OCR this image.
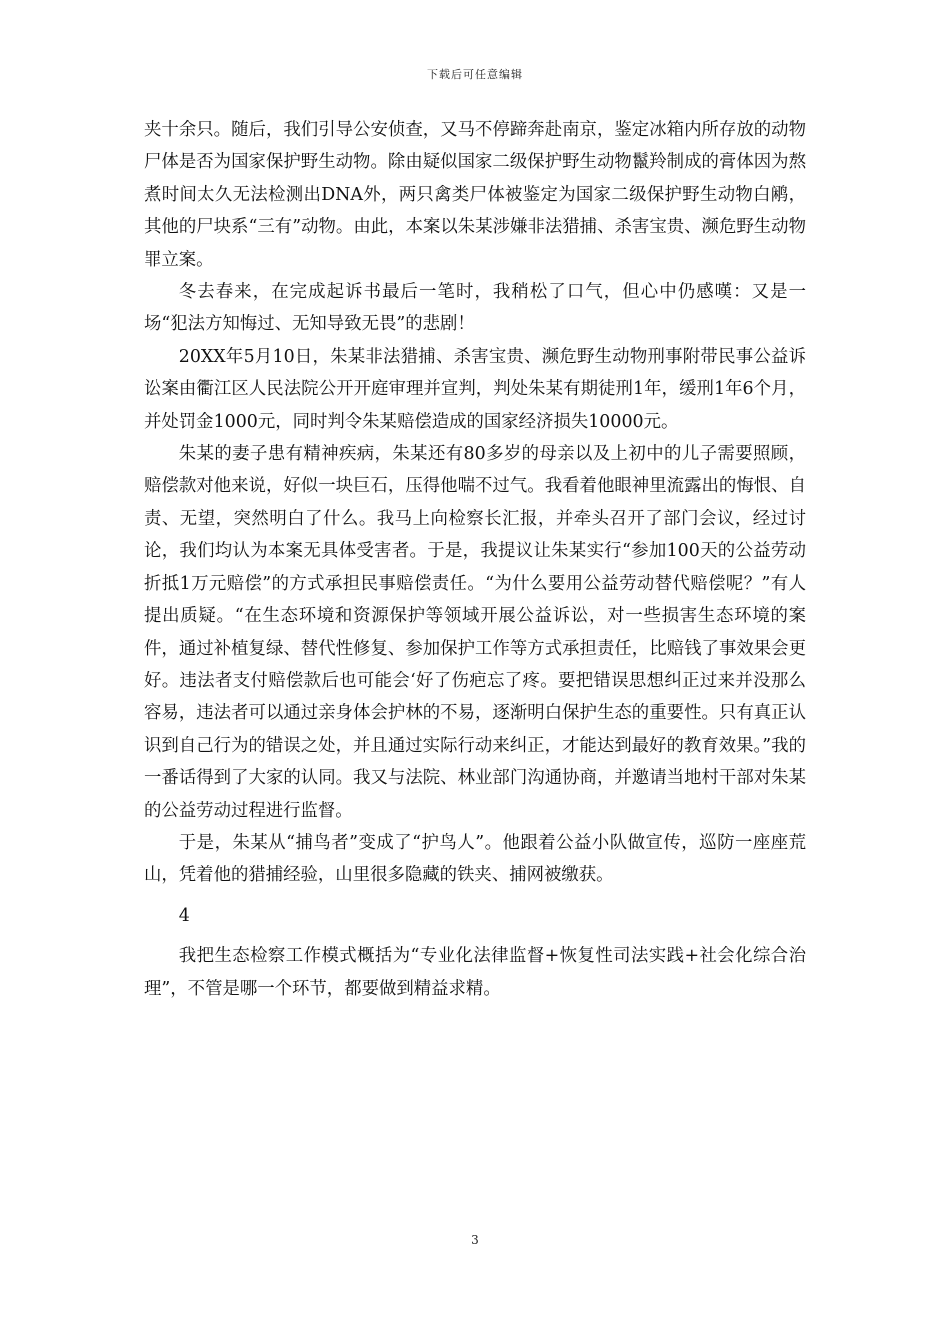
下载后可任意编辑

夹十余只。随后，我们引导公安侦查，又马不停蹄奔赴南京，鉴定冰箱内所存放的动物尸体是否为国家保护野生动物。除由疑似国家二级保护野生动物鬣羚制成的膏体因为熬煮时间太久无法检测出DNA外，两只禽类尸体被鉴定为国家二级保护野生动物白鹇，其他的尸块系“三有”动物。由此，本案以朱某涉嫌非法猎捕、杀害宝贵、濒危野生动物罪立案。

冬去春来，在完成起诉书最后一笔时，我稍松了口气，但心中仍感嘆：又是一场“犯法方知悔过、无知导致无畏”的悲剧！

20XX年5月10日，朱某非法猎捕、杀害宝贵、濒危野生动物刑事附带民事公益诉讼案由衢江区人民法院公开开庭审理并宣判，判处朱某有期徒刑1年，缓刑1年6个月，并处罚金1000元，同时判令朱某赔偿造成的国家经济损失10000元。

朱某的妻子患有精神疾病，朱某还有80多岁的母亲以及上初中的儿子需要照顾，赔偿款对他来说，好似一块巨石，压得他喘不过气。我看着他眼神里流露出的悔恨、自责、无望，突然明白了什么。我马上向检察长汇报，并牵头召开了部门会议，经过讨论，我们均认为本案无具体受害者。于是，我提议让朱某实行“参加100天的公益劳动折抵1万元赔偿”的方式承担民事赔偿责任。“为什么要用公益劳动替代赔偿呢？”有人提出质疑。“在生态环境和资源保护等领域开展公益诉讼，对一些损害生态环境的案件，通过补植复绿、替代性修复、参加保护工作等方式承担责任，比赔钱了事效果会更好。违法者支付赔偿款后也可能会‘好了伤疤忘了疼。要把错误思想纠正过来并没那么容易，违法者可以通过亲身体会护林的不易，逐渐明白保护生态的重要性。只有真正认识到自己行为的错误之处，并且通过实际行动来纠正，才能达到最好的教育效果。”我的一番话得到了大家的认同。我又与法院、林业部门沟通协商，并邀请当地村干部对朱某的公益劳动过程进行监督。

于是，朱某从“捕鸟者”变成了“护鸟人”。他跟着公益小队做宣传，巡防一座座荒山，凭着他的猎捕经验，山里很多隐藏的铁夹、捕网被缴获。

4

我把生态检察工作模式概括为“专业化法律监督+恢复性司法实践+社会化综合治理”，不管是哪一个环节，都要做到精益求精。

3
